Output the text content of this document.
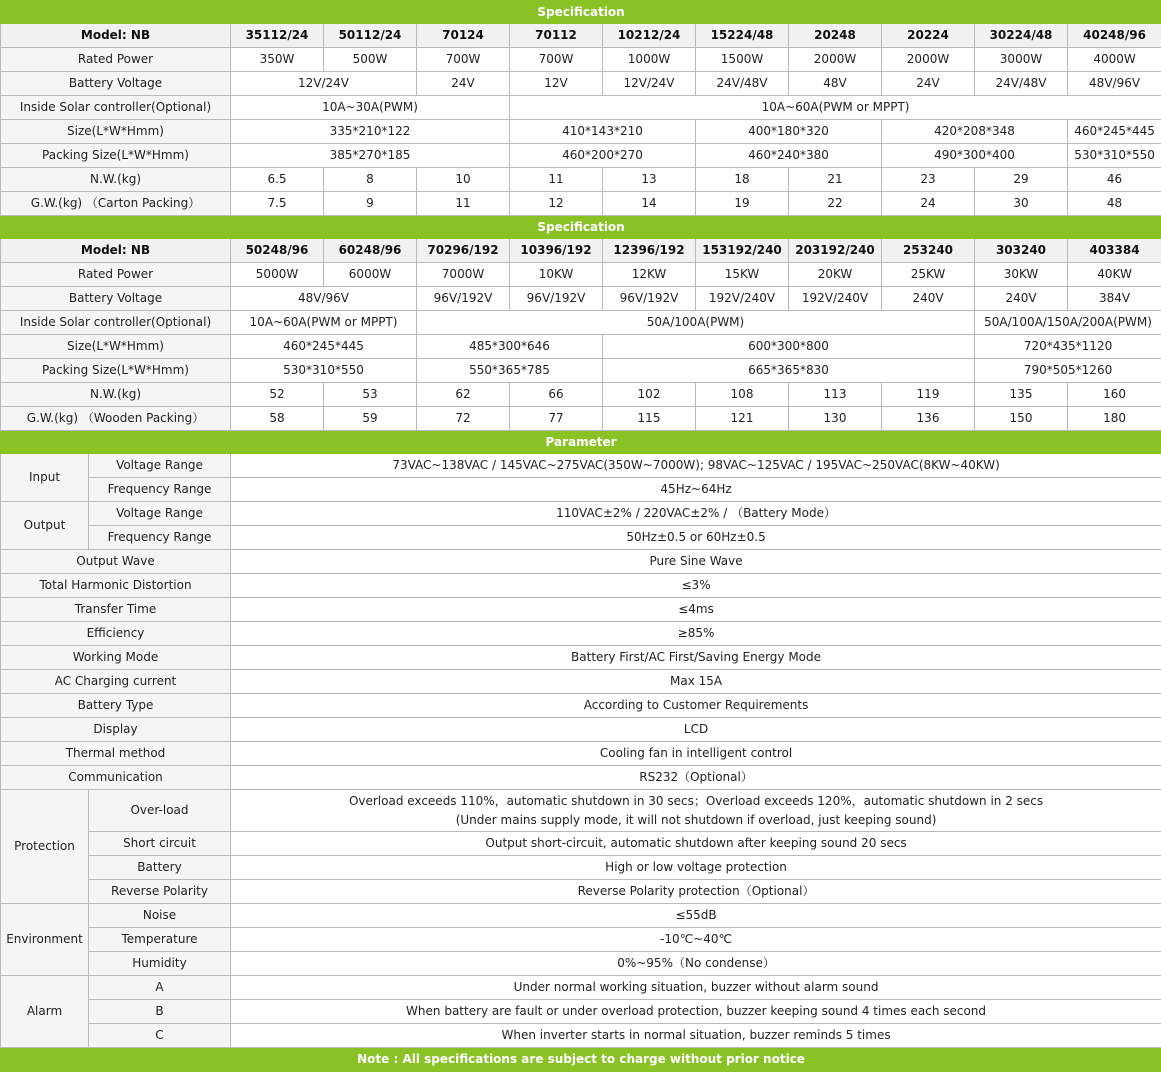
Specification											
Model: NB		35112/24	50112/24	70124	70112	10212/24	15224/48	20248	20224	30224/48	40248/96
Rated Power		350W	500W	700W	700W	1000W	1500W	2000W	2000W	3000W	4000W
Battery Voltage		12V/24V		24V	12V	12V/24V	24V/48V	48V	24V	24V/48V	48V/96V
Inside Solar controller(Optional)		10A~30A(PWM)			10A~60A(PWM or MPPT)						
Size(L*W*Hmm)		335*210*122			410*143*210		400*180*320		420*208*348		460*245*445
Packing Size(L*W*Hmm)		385*270*185			460*200*270		460*240*380		490*300*400		530*310*550
N.W.(kg)		6.5	8	10	11	13	18	21	23	29	46
G.W.(kg) （Carton Packing）		7.5	9	11	12	14	19	22	24	30	48
Specification											
Model: NB		50248/96	60248/96	70296/192	10396/192	12396/192	153192/240	203192/240	253240	303240	403384
Rated Power		5000W	6000W	7000W	10KW	12KW	15KW	20KW	25KW	30KW	40KW
Battery Voltage		48V/96V		96V/192V	96V/192V	96V/192V	192V/240V	192V/240V	240V	240V	384V
Inside Solar controller(Optional)		10A~60A(PWM or MPPT)		50A/100A(PWM)						50A/100A/150A/200A(PWM)	
Size(L*W*Hmm)		460*245*445		485*300*646		600*300*800				720*435*1120	
Packing Size(L*W*Hmm)		530*310*550		550*365*785		665*365*830				790*505*1260	
N.W.(kg)		52	53	62	66	102	108	113	119	135	160
G.W.(kg) （Wooden Packing）		58	59	72	77	115	121	130	136	150	180
Parameter											
Input	Voltage Range	73VAC~138VAC / 145VAC~275VAC(350W~7000W); 98VAC~125VAC / 195VAC~250VAC(8KW~40KW)									
	Frequency Range	45Hz~64Hz									
Output	Voltage Range	110VAC±2% / 220VAC±2% / （Battery Mode）									
	Frequency Range	50Hz±0.5 or 60Hz±0.5									
Output Wave		Pure Sine Wave									
Total Harmonic Distortion		≤3%									
Transfer Time		≤4ms									
Efficiency		≥85%									
Working Mode		Battery First/AC First/Saving Energy Mode									
AC Charging current		Max 15A									
Battery Type		According to Customer Requirements									
Display		LCD									
Thermal method		Cooling fan in intelligent control									
Communication		RS232（Optional）									
Protection	Over-load	Overload exceeds 110%，automatic shutdown in 30 secs；Overload exceeds 120%，automatic shutdown in 2 secs
(Under mains supply mode, it will not shutdown if overload, just keeping sound)									

	Short circuit	Output short-circuit, automatic shutdown after keeping sound 20 secs									
	Battery	High or low voltage protection									
	Reverse Polarity	Reverse Polarity protection（Optional）									
Environment	Noise	≤55dB									
	Temperature	-10℃~40℃									
	Humidity	0%~95%（No condense）									
Alarm	A	Under normal working situation, buzzer without alarm sound									
	B	When battery are fault or under overload protection, buzzer keeping sound 4 times each second									
	C	When inverter starts in normal situation, buzzer reminds 5 times									
Note : All specifications are subject to charge without prior notice											
